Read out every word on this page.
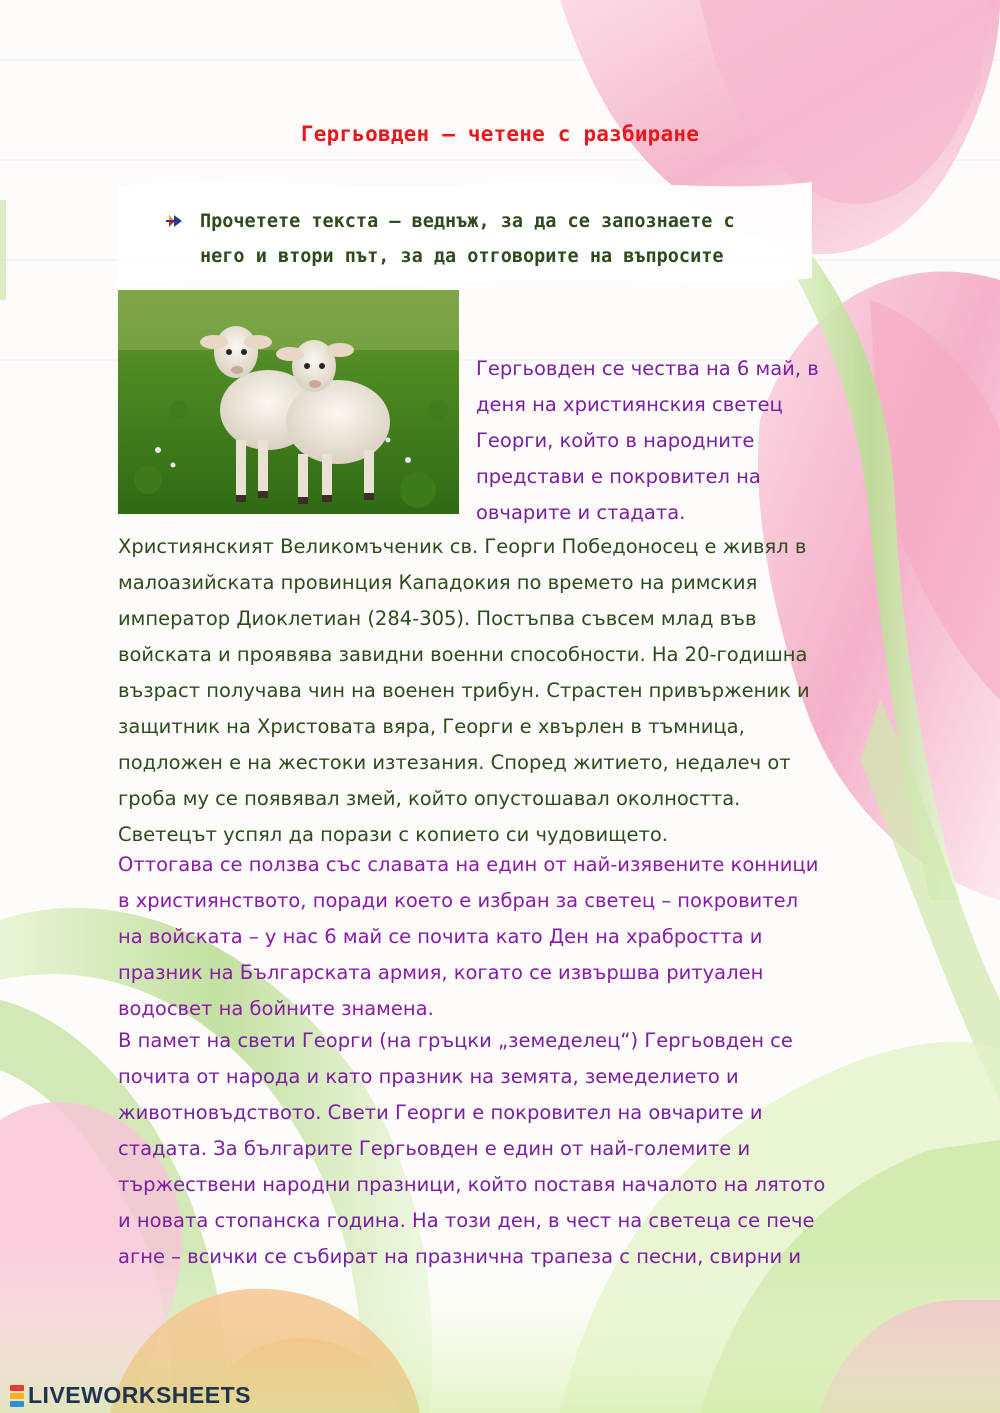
Гергьовден – четене с разбиране
Прочетете текста – веднъж, за да се запознаете с
него и втори път, за да отговорите на въпросите
Гергьовден се чества на 6 май, в
деня на християнския светец
Георги, който в народните
представи е покровител на
овчарите и стадата.
Християнският Великомъченик св. Георги Победоносец е живял в
малоазийската провинция Кападокия по времето на римския
император Диоклетиан (284-305). Постъпва съвсем млад във
войската и проявява завидни военни способности. На 20-годишна
възраст получава чин на военен трибун. Страстен привърженик и
защитник на Христовата вяра, Георги е хвърлен в тъмница,
подложен е на жестоки изтезания. Според житието, недалеч от
гроба му се появявал змей, който опустошавал околността.
Светецът успял да порази с копието си чудовището.
Оттогава се ползва със славата на един от най-изявените конници
в християнството, поради което е избран за светец – покровител
на войската – у нас 6 май се почита като Ден на храбростта и
празник на Българската армия, когато се извършва ритуален
водосвет на бойните знамена.
В памет на свети Георги (на гръцки „земеделец“) Гергьовден се
почита от народа и като празник на земята, земеделието и
животновъдството. Свети Георги е покровител на овчарите и
стадата. За българите Гергьовден е един от най-големите и
тържествени народни празници, който поставя началото на лятото
и новата стопанска година. На този ден, в чест на светеца се пече
агне – всички се събират на празнична трапеза с песни, свирни и
LIVEWORKSHEETS
